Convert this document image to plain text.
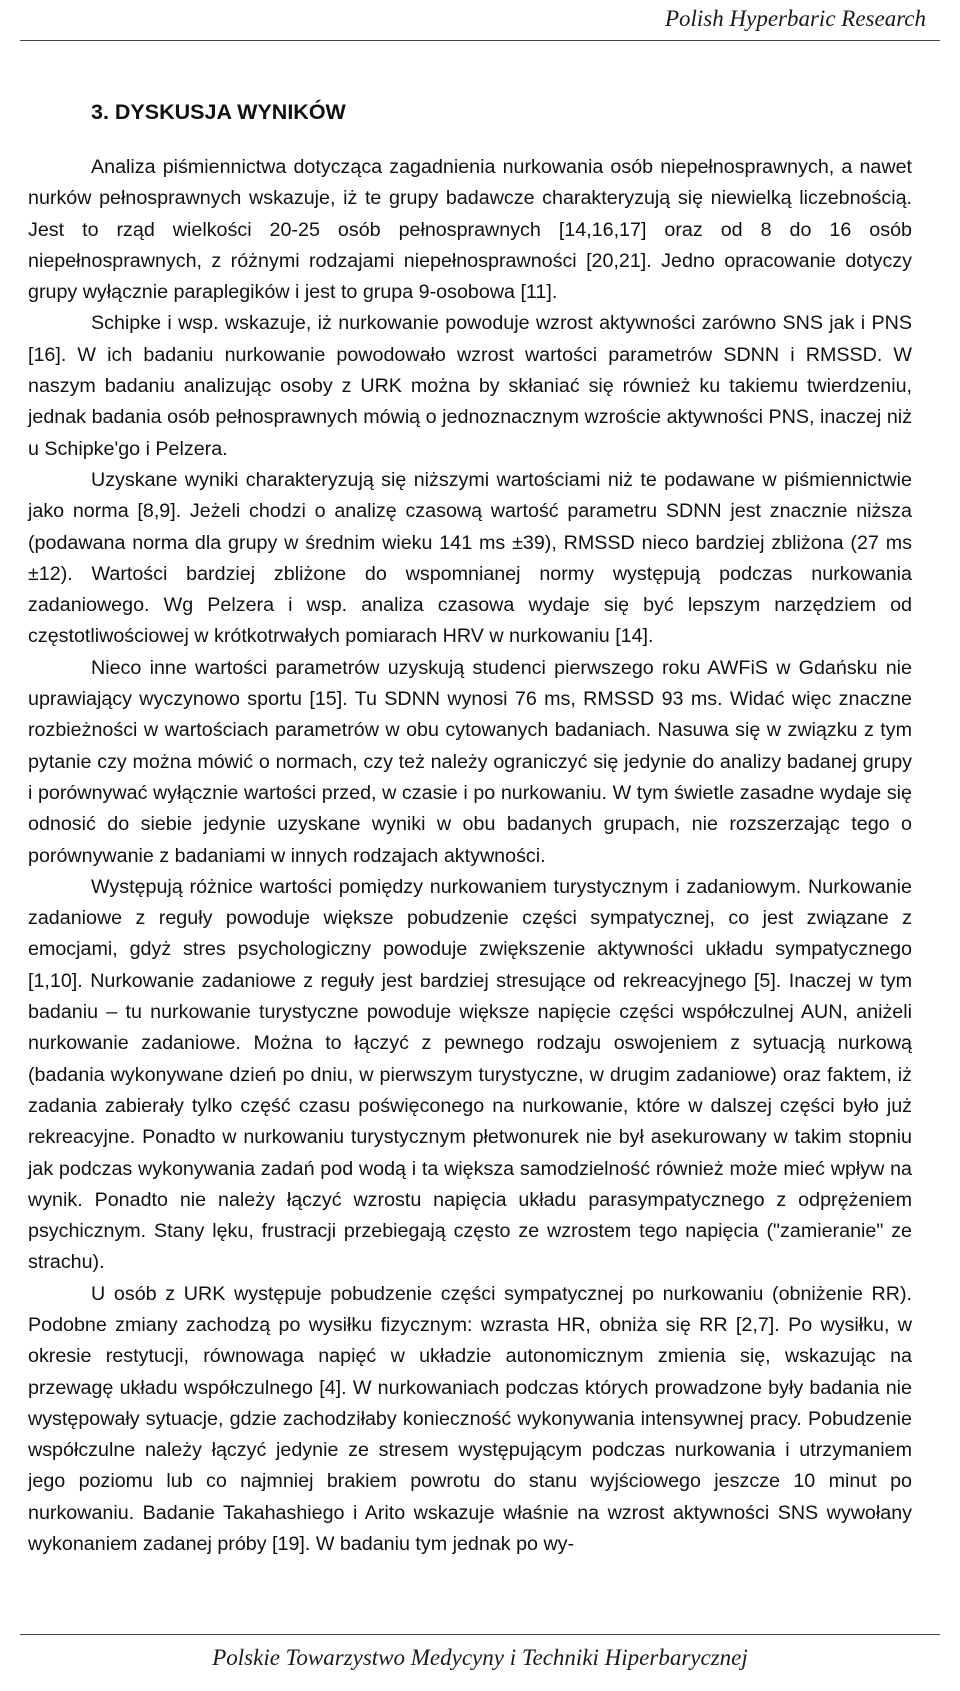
Polish Hyperbaric Research
3. DYSKUSJA WYNIKÓW

Analiza piśmiennictwa dotycząca zagadnienia nurkowania osób niepełnosprawnych, a nawet nurków pełnosprawnych wskazuje, iż te grupy badawcze charakteryzują się niewielką liczebnością. Jest to rząd wielkości 20-25 osób pełnosprawnych [14,16,17] oraz od 8 do 16 osób niepełnosprawnych, z różnymi rodzajami niepełnosprawności [20,21]. Jedno opracowanie dotyczy grupy wyłącznie paraplegików i jest to grupa 9-osobowa [11].

Schipke i wsp. wskazuje, iż nurkowanie powoduje wzrost aktywności zarówno SNS jak i PNS [16]. W ich badaniu nurkowanie powodowało wzrost wartości parametrów SDNN i RMSSD. W naszym badaniu analizując osoby z URK można by skłaniać się również ku takiemu twierdzeniu, jednak badania osób pełnosprawnych mówią o jednoznacznym wzroście aktywności PNS, inaczej niż u Schipke'go i Pelzera.

Uzyskane wyniki charakteryzują się niższymi wartościami niż te podawane w piśmiennictwie jako norma [8,9]. Jeżeli chodzi o analizę czasową wartość parametru SDNN jest znacznie niższa (podawana norma dla grupy w średnim wieku 141 ms ±39), RMSSD nieco bardziej zbliżona (27 ms ±12). Wartości bardziej zbliżone do wspomnianej normy występują podczas nurkowania zadaniowego. Wg Pelzera i wsp. analiza czasowa wydaje się być lepszym narzędziem od częstotliwościowej w krótkotrwałych pomiarach HRV w nurkowaniu [14].

Nieco inne wartości parametrów uzyskują studenci pierwszego roku AWFiS w Gdańsku nie uprawiający wyczynowo sportu [15]. Tu SDNN wynosi 76 ms, RMSSD 93 ms. Widać więc znaczne rozbieżności w wartościach parametrów w obu cytowanych badaniach. Nasuwa się w związku z tym pytanie czy można mówić o normach, czy też należy ograniczyć się jedynie do analizy badanej grupy i porównywać wyłącznie wartości przed, w czasie i po nurkowaniu. W tym świetle zasadne wydaje się odnosić do siebie jedynie uzyskane wyniki w obu badanych grupach, nie rozszerzając tego o porównywanie z badaniami w innych rodzajach aktywności.

Występują różnice wartości pomiędzy nurkowaniem turystycznym i zadaniowym. Nurkowanie zadaniowe z reguły powoduje większe pobudzenie części sympatycznej, co jest związane z emocjami, gdyż stres psychologiczny powoduje zwiększenie aktywności układu sympatycznego [1,10]. Nurkowanie zadaniowe z reguły jest bardziej stresujące od rekreacyjnego [5]. Inaczej w tym badaniu – tu nurkowanie turystyczne powoduje większe napięcie części współczulnej AUN, aniżeli nurkowanie zadaniowe. Można to łączyć z pewnego rodzaju oswojeniem z sytuacją nurkową (badania wykonywane dzień po dniu, w pierwszym turystyczne, w drugim zadaniowe) oraz faktem, iż zadania zabierały tylko część czasu poświęconego na nurkowanie, które w dalszej części było już rekreacyjne. Ponadto w nurkowaniu turystycznym płetwonurek nie był asekurowany w takim stopniu jak podczas wykonywania zadań pod wodą i ta większa samodzielność również może mieć wpływ na wynik. Ponadto nie należy łączyć wzrostu napięcia układu parasympatycznego z odprężeniem psychicznym. Stany lęku, frustracji przebiegają często ze wzrostem tego napięcia ("zamieranie" ze strachu).

U osób z URK występuje pobudzenie części sympatycznej po nurkowaniu (obniżenie RR). Podobne zmiany zachodzą po wysiłku fizycznym: wzrasta HR, obniża się RR [2,7]. Po wysiłku, w okresie restytucji, równowaga napięć w układzie autonomicznym zmienia się, wskazując na przewagę układu współczulnego [4]. W nurkowaniach podczas których prowadzone były badania nie występowały sytuacje, gdzie zachodziłaby konieczność wykonywania intensywnej pracy. Pobudzenie współczulne należy łączyć jedynie ze stresem występującym podczas nurkowania i utrzymaniem jego poziomu lub co najmniej brakiem powrotu do stanu wyjściowego jeszcze 10 minut po nurkowaniu. Badanie Takahashiego i Arito wskazuje właśnie na wzrost aktywności SNS wywołany wykonaniem zadanej próby [19]. W badaniu tym jednak po wy-

Polskie Towarzystwo Medycyny i Techniki Hiperbarycznej
